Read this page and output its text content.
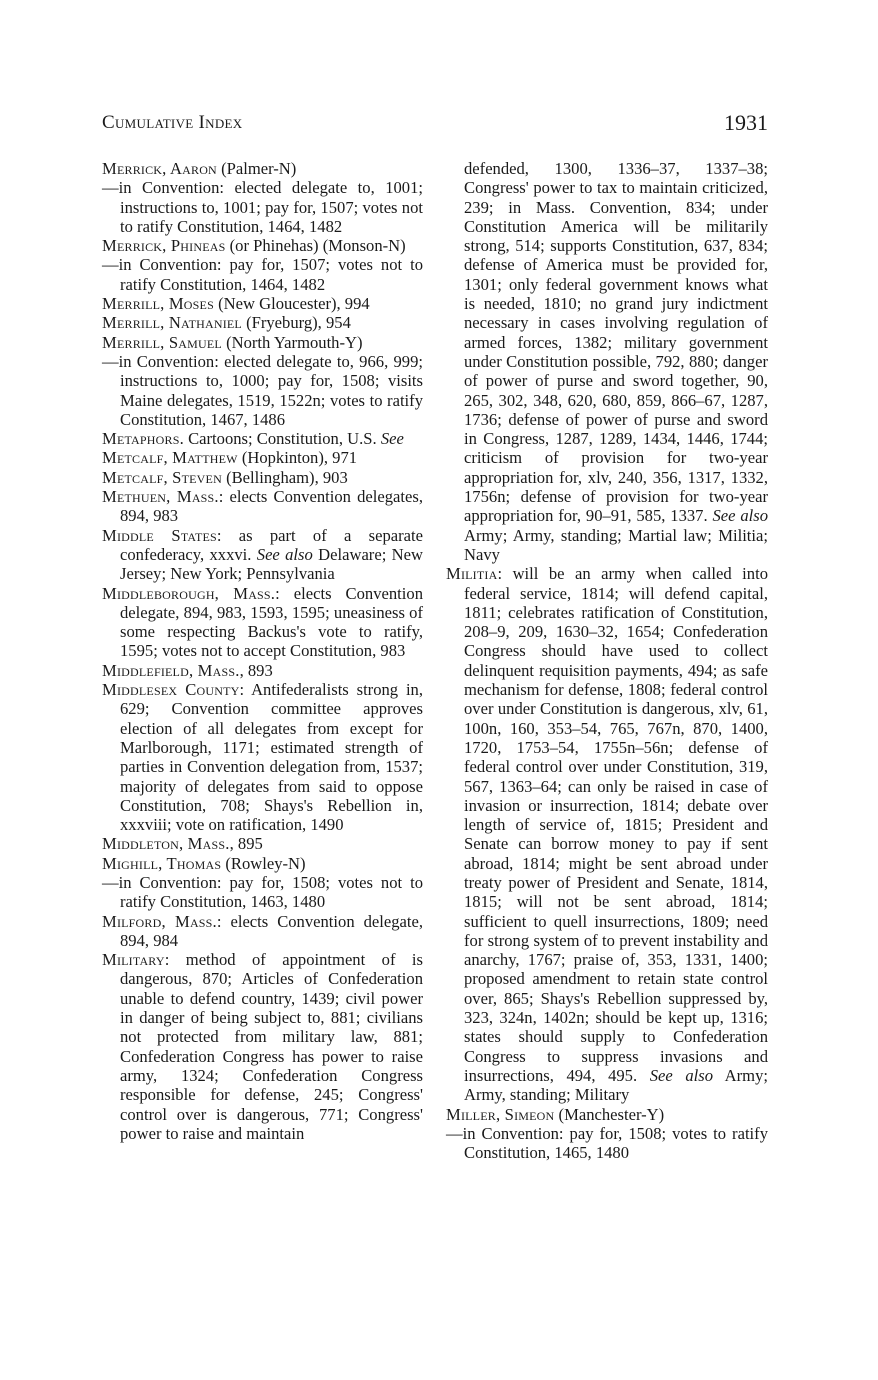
Cumulative Index	1931

Merrick, Aaron (Palmer-N)

—in Convention: elected delegate to, 1001; instructions to, 1001; pay for, 1507; votes not to ratify Constitution, 1464, 1482

Merrick, Phineas (or Phinehas) (Monson-N)

—in Convention: pay for, 1507; votes not to ratify Constitution, 1464, 1482

Merrill, Moses (New Gloucester), 994

Merrill, Nathaniel (Fryeburg), 954

Merrill, Samuel (North Yarmouth-Y)

—in Convention: elected delegate to, 966, 999; instructions to, 1000; pay for, 1508; visits Maine delegates, 1519, 1522n; votes to ratify Constitution, 1467, 1486

Metaphors. Cartoons; Constitution, U.S. See

Metcalf, Matthew (Hopkinton), 971

Metcalf, Steven (Bellingham), 903

Methuen, Mass.: elects Convention delegates, 894, 983

Middle States: as part of a separate confederacy, xxxvi. See also Delaware; New Jersey; New York; Pennsylvania

Middleborough, Mass.: elects Convention delegate, 894, 983, 1593, 1595; uneasiness of some respecting Backus's vote to ratify, 1595; votes not to accept Constitution, 983

Middlefield, Mass., 893

Middlesex County: Antifederalists strong in, 629; Convention committee approves election of all delegates from except for Marlborough, 1171; estimated strength of parties in Convention delegation from, 1537; majority of delegates from said to oppose Constitution, 708; Shays's Rebellion in, xxxviii; vote on ratification, 1490

Middleton, Mass., 895

Mighill, Thomas (Rowley-N)

—in Convention: pay for, 1508; votes not to ratify Constitution, 1463, 1480

Milford, Mass.: elects Convention delegate, 894, 984

Military: method of appointment of is dangerous, 870; Articles of Confederation unable to defend country, 1439; civil power in danger of being subject to, 881; civilians not protected from military law, 881; Confederation Congress has power to raise army, 1324; Confederation Congress responsible for defense, 245; Congress' control over is dangerous, 771; Congress' power to raise and maintain

defended, 1300, 1336–37, 1337–38; Congress' power to tax to maintain criticized, 239; in Mass. Convention, 834; under Constitution America will be militarily strong, 514; supports Constitution, 637, 834; defense of America must be provided for, 1301; only federal government knows what is needed, 1810; no grand jury indictment necessary in cases involving regulation of armed forces, 1382; military government under Constitution possible, 792, 880; danger of power of purse and sword together, 90, 265, 302, 348, 620, 680, 859, 866–67, 1287, 1736; defense of power of purse and sword in Congress, 1287, 1289, 1434, 1446, 1744; criticism of provision for two-year appropriation for, xlv, 240, 356, 1317, 1332, 1756n; defense of provision for two-year appropriation for, 90–91, 585, 1337. See also Army; Army, standing; Martial law; Militia; Navy

Militia: will be an army when called into federal service, 1814; will defend capital, 1811; celebrates ratification of Constitution, 208–9, 209, 1630–32, 1654; Confederation Congress should have used to collect delinquent requisition payments, 494; as safe mechanism for defense, 1808; federal control over under Constitution is dangerous, xlv, 61, 100n, 160, 353–54, 765, 767n, 870, 1400, 1720, 1753–54, 1755n–56n; defense of federal control over under Constitution, 319, 567, 1363–64; can only be raised in case of invasion or insurrection, 1814; debate over length of service of, 1815; President and Senate can borrow money to pay if sent abroad, 1814; might be sent abroad under treaty power of President and Senate, 1814, 1815; will not be sent abroad, 1814; sufficient to quell insurrections, 1809; need for strong system of to prevent instability and anarchy, 1767; praise of, 353, 1331, 1400; proposed amendment to retain state control over, 865; Shays's Rebellion suppressed by, 323, 324n, 1402n; should be kept up, 1316; states should supply to Confederation Congress to suppress invasions and insurrections, 494, 495. See also Army; Army, standing; Military

Miller, Simeon (Manchester-Y)

—in Convention: pay for, 1508; votes to ratify Constitution, 1465, 1480
